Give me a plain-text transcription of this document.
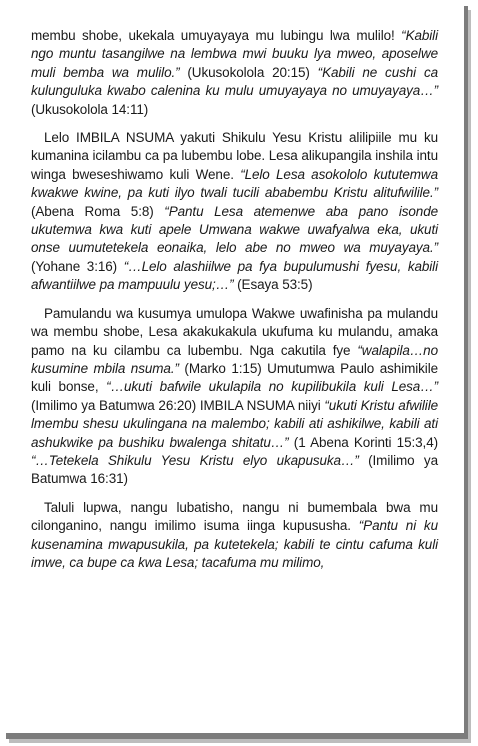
membu shobe, ukekala umuyayaya mu lubingu lwa mulilo! “Kabili ngo muntu tasangilwe na lembwa mwi buuku lya mweo, aposelwe muli bemba wa mulilo.” (Ukusokolola 20:15) “Kabili ne cushi ca kulunguluka kwabo calenina ku mulu umuyayaya no umuyayaya…” (Ukusokolola 14:11)

Lelo IMBILA NSUMA yakuti Shikulu Yesu Kristu alilipiile mu ku kumanina icilambu ca pa lubembu lobe. Lesa alikupangila inshila intu winga bweseshiwamo kuli Wene. “Lelo Lesa asokololo kututemwa kwakwe kwine, pa kuti ilyo twali tucili ababembu Kristu alitufwilile.” (Abena Roma 5:8) “Pantu Lesa atemenwe aba pano isonde ukutemwa kwa kuti apele Umwana wakwe uwafyalwa eka, ukuti onse uumutetekela eonaika, lelo abe no mweo wa muyayaya.” (Yohane 3:16) “…Lelo alashiilwe pa fya bupulumushi fyesu, kabili afwantiilwe pa mampuulu yesu;…” (Esaya 53:5)

Pamulandu wa kusumya umulopa Wakwe uwafinisha pa mulandu wa membu shobe, Lesa akakukakula ukufuma ku mulandu, amaka pamo na ku cilambu ca lubembu. Nga cakutila fye “walapila…no kusumine mbila nsuma.” (Marko 1:15) Umutumwa Paulo ashimikile kuli bonse, “…ukuti bafwile ukulapila no kupilibukila kuli Lesa…” (Imilimo ya Batumwa 26:20) IMBILA NSUMA niiyi “ukuti Kristu afwilile lmembu shesu ukulingana na malembo; kabili ati ashikilwe, kabili ati ashukwike pa bushiku bwalenga shitatu…” (1 Abena Korinti 15:3,4) “…Tetekela Shikulu Yesu Kristu elyo ukapusuka…” (Imilimo ya Batumwa 16:31)

Taluli lupwa, nangu lubatisho, nangu ni bumembala bwa mu cilonganino, nangu imilimo isuma iinga kupususha. “Pantu ni ku kusenamina mwapusukila, pa kutetekela; kabili te cintu cafuma kuli imwe, ca bupe ca kwa Lesa; tacafuma mu milimo,
